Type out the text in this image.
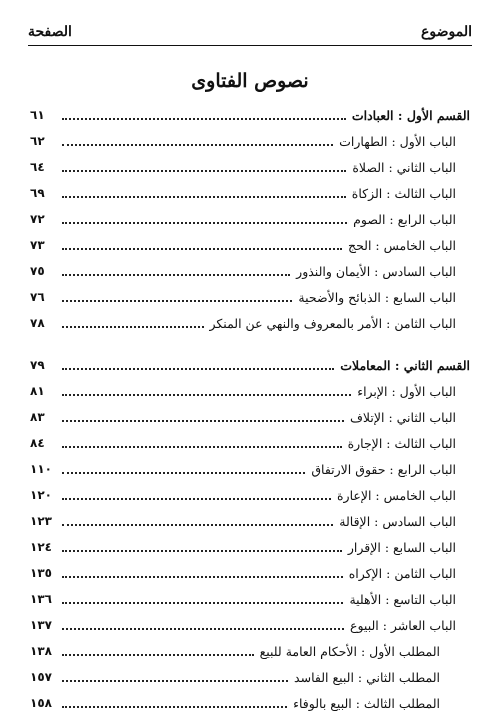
الموضوع
الصفحة
نصوص الفتاوى
القسم الأول : العبادات
٦١
الباب الأول : الطهارات
٦٢
الباب الثاني : الصلاة
٦٤
الباب الثالث : الزكاة
٦٩
الباب الرابع : الصوم
٧٢
الباب الخامس : الحج
٧٣
الباب السادس : الأيمان والنذور
٧٥
الباب السابع : الذبائح والأضحية
٧٦
الباب الثامن : الأمر بالمعروف والنهي عن المنكر
٧٨
القسم الثاني : المعاملات
٧٩
الباب الأول : الإبراء
٨١
الباب الثاني : الإتلاف
٨٣
الباب الثالث : الإجارة
٨٤
الباب الرابع : حقوق الارتفاق
١١٠
الباب الخامس : الإعارة
١٢٠
الباب السادس : الإقالة
١٢٣
الباب السابع : الإقرار
١٢٤
الباب الثامن : الإكراه
١٣٥
الباب التاسع : الأهلية
١٣٦
الباب العاشر : البيوع
١٣٧
المطلب الأول : الأحكام العامة للبيع
١٣٨
المطلب الثاني : البيع الفاسد
١٥٧
المطلب الثالث : البيع بالوفاء
١٥٨
